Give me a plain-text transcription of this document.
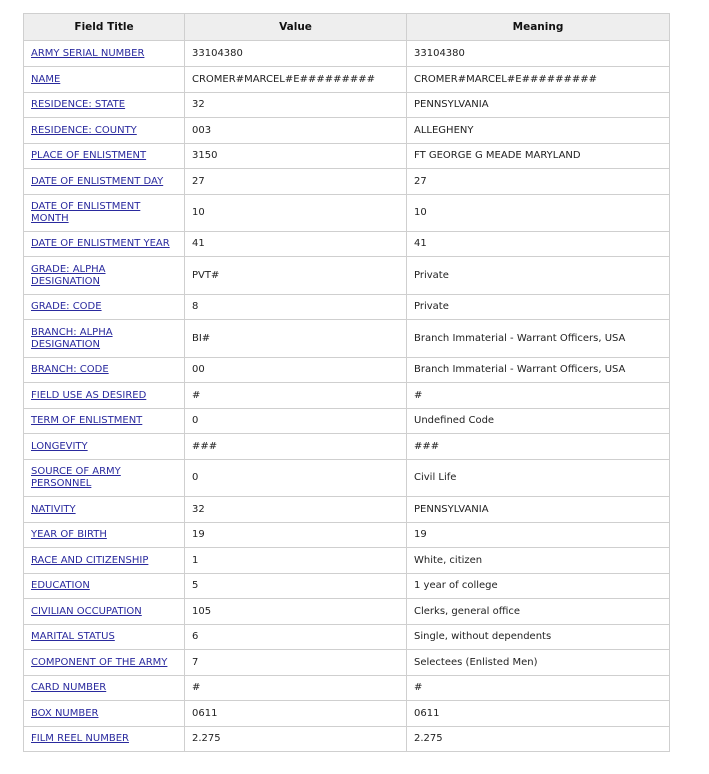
Field Title	Value	Meaning
ARMY SERIAL NUMBER	33104380	33104380
NAME	CROMER#MARCEL#E#########	CROMER#MARCEL#E#########
RESIDENCE: STATE	32	PENNSYLVANIA
RESIDENCE: COUNTY	003	ALLEGHENY
PLACE OF ENLISTMENT	3150	FT GEORGE G MEADE MARYLAND
DATE OF ENLISTMENT DAY	27	27
DATE OF ENLISTMENT MONTH	10	10
DATE OF ENLISTMENT YEAR	41	41
GRADE: ALPHA DESIGNATION	PVT#	Private
GRADE: CODE	8	Private
BRANCH: ALPHA DESIGNATION	BI#	Branch Immaterial - Warrant Officers, USA
BRANCH: CODE	00	Branch Immaterial - Warrant Officers, USA
FIELD USE AS DESIRED	#	#
TERM OF ENLISTMENT	0	Undefined Code
LONGEVITY	###	###
SOURCE OF ARMY PERSONNEL	0	Civil Life
NATIVITY	32	PENNSYLVANIA
YEAR OF BIRTH	19	19
RACE AND CITIZENSHIP	1	White, citizen
EDUCATION	5	1 year of college
CIVILIAN OCCUPATION	105	Clerks, general office
MARITAL STATUS	6	Single, without dependents
COMPONENT OF THE ARMY	7	Selectees (Enlisted Men)
CARD NUMBER	#	#
BOX NUMBER	0611	0611
FILM REEL NUMBER	2.275	2.275
